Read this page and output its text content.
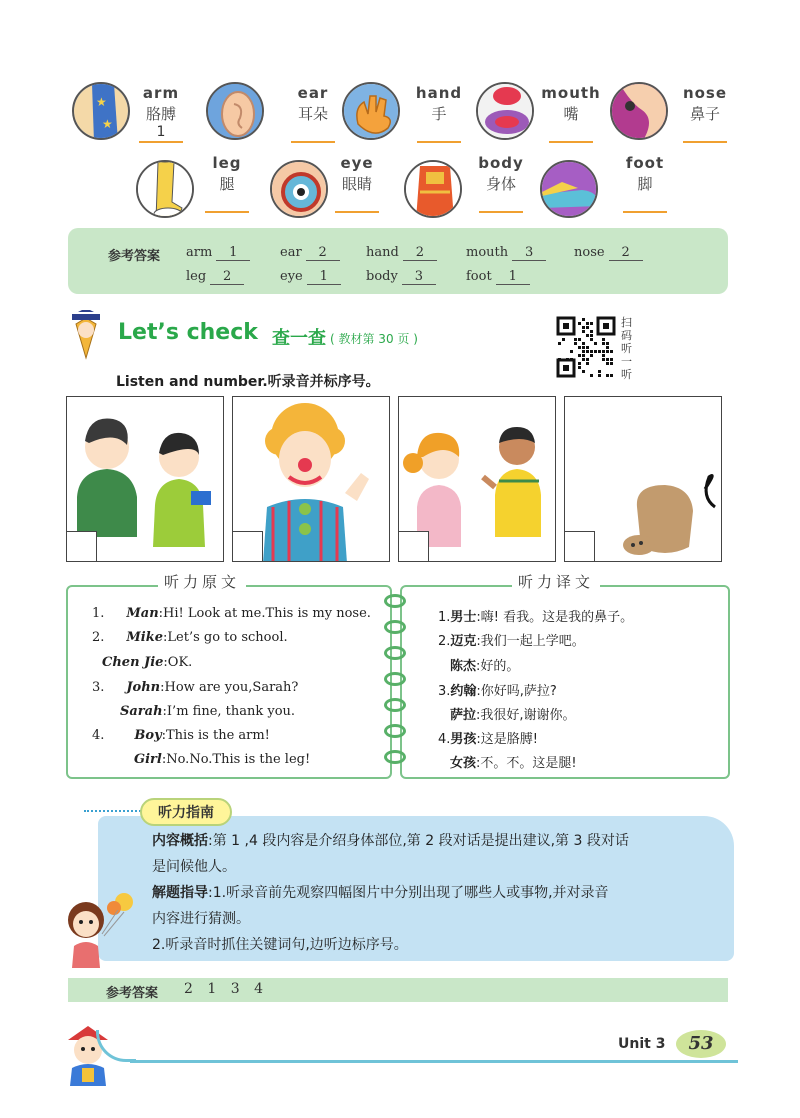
★
★
arm
胳膊
1
ear
耳朵
hand
手
mouth
嘴
nose
鼻子
leg
腿
eye
眼睛
body
身体
foot
脚
参考答案 arm 1	ear 2	hand 2	mouth 3	nose 2
leg 2	eye 1	body 3	foot 1
Let’s check 查一查 ( 教材第 30 页 )
扫码听一听
Listen and number.听录音并标序号。
听力原文	听力译文
1. Man:Hi! Look at me.This is my nose.
2. Mike:Let’s go to school.
Chen Jie:OK.
3. John:How are you,Sarah?
Sarah:I’m fine, thank you.
4. Boy:This is the arm!
Girl:No.No.This is the leg!
1.男士:嗨! 看我。这是我的鼻子。
2.迈克:我们一起上学吧。
陈杰:好的。
3.约翰:你好吗,萨拉?
萨拉:我很好,谢谢你。
4.男孩:这是胳膊!
女孩:不。不。这是腿!
听力指南
内容概括:第 1 ,4 段内容是介绍身体部位,第 2 段对话是提出建议,第 3 段对话
是问候他人。
解题指导:1.听录音前先观察四幅图片中分别出现了哪些人或事物,并对录音
内容进行猜测。
2.听录音时抓住关键词句,边听边标序号。
参考答案 2 1 3 4
Unit 3	53
